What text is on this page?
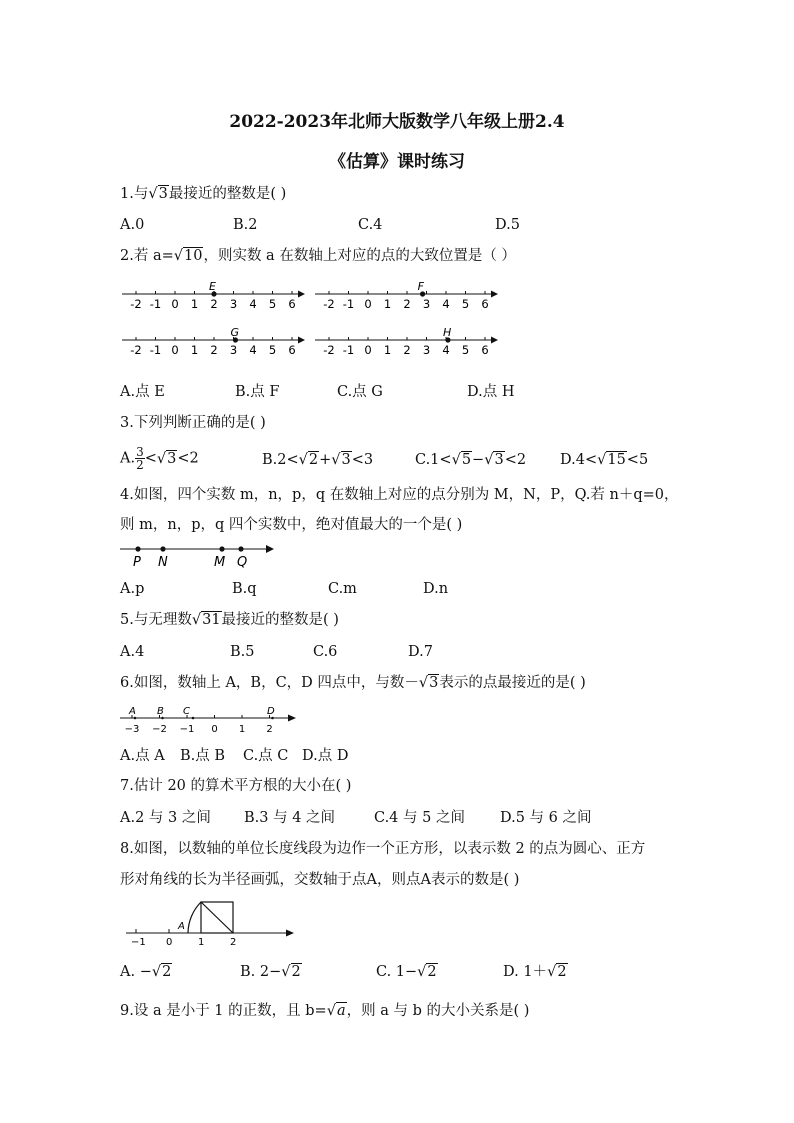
2022-2023年北师大版数学八年级上册2.4
《估算》课时练习
1.与√3最接近的整数是( )
A.0	B.2	C.4	D.5
2.若 a=√10，则实数 a 在数轴上对应的点的大致位置是（ ）
-2 -1 0 1 2 3 4 5 6
E
-2 -1 0 1 2 3 4 5 6
F
-2 -1 0 1 2 3 4 5 6
G
-2 -1 0 1 2 3 4 5 6
H
A.点 E	B.点 F	C.点 G	D.点 H
3.下列判断正确的是( )
A. $\frac{3}{2} <√3<2$	B.2<√2+√3<3	C.1<√5−√3<2 D.4<√15<5
4.如图，四个实数 m，n，p，q 在数轴上对应的点分别为 M，N，P，Q.若 n＋q=0，
则 m，n，p，q 四个实数中，绝对值最大的一个是( )
P N	M Q
A.p	B.q	C.m	D.n
5.与无理数√31最接近的整数是( )
A.4	B.5	C.6	D.7
6.如图，数轴上 A，B，C，D 四点中，与数－√3表示的点最接近的是( )
−3 −2 −1 0 1 2
A B C	D
A.点 A B.点 B C.点 C D.点 D
7.估计 20 的算术平方根的大小在( )
A.2 与 3 之间 B.3 与 4 之间	C.4 与 5 之间 D.5 与 6 之间
8.如图，以数轴的单位长度线段为边作一个正方形，以表示数 2 的点为圆心、正方
形对角线的长为半径画弧，交数轴于点A，则点A表示的数是( )
−1 0	1	2
A
A. −√2	B. 2−√2	C. 1−√2	D. 1＋√2
9.设 a 是小于 1 的正数，且 b=√a，则 a 与 b 的大小关系是( )
